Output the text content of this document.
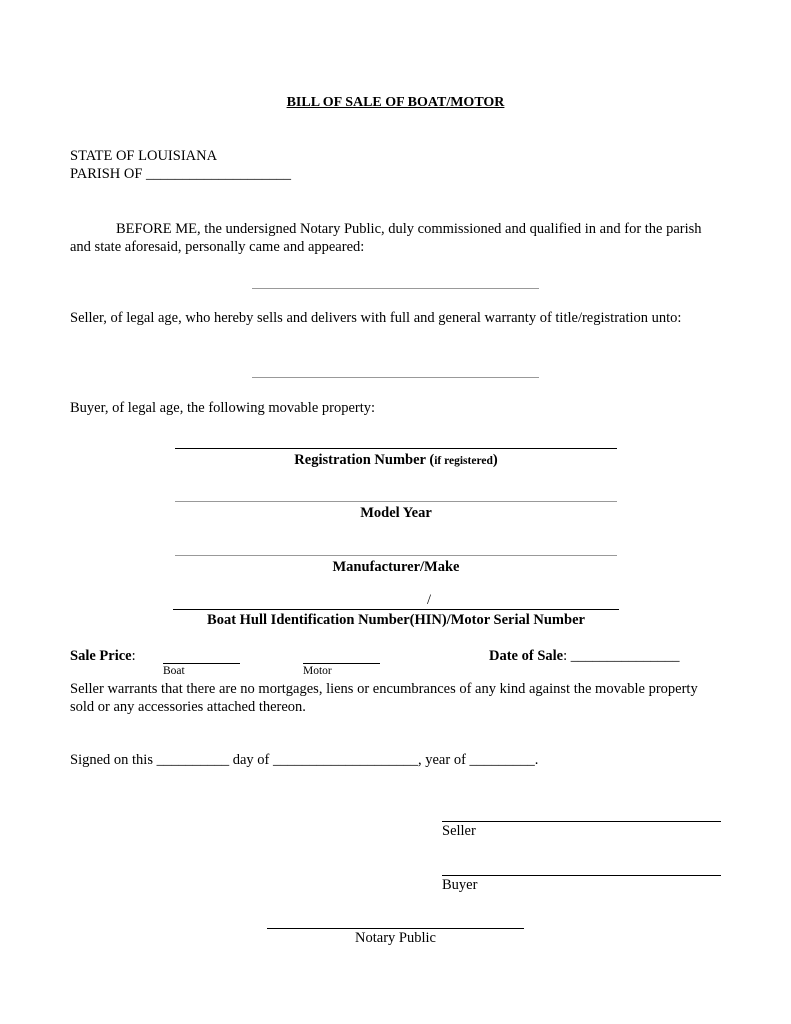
BILL OF SALE OF BOAT/MOTOR
STATE OF LOUISIANA
PARISH OF ____________________
BEFORE ME, the undersigned Notary Public, duly commissioned and qualified in and for the parish and state aforesaid, personally came and appeared:
Seller, of legal age, who hereby sells and delivers with full and general warranty of title/registration unto:
Buyer, of legal age, the following movable property:
Registration Number (if registered)
Model Year
Manufacturer/Make
/
Boat Hull Identification Number(HIN)/Motor Serial Number
Sale Price:
Boat	Motor
Date of Sale: _______________
Seller warrants that there are no mortgages, liens or encumbrances of any kind against the movable property sold or any accessories attached thereon.
Signed on this __________ day of ____________________, year of _________.
Seller
Buyer
Notary Public
